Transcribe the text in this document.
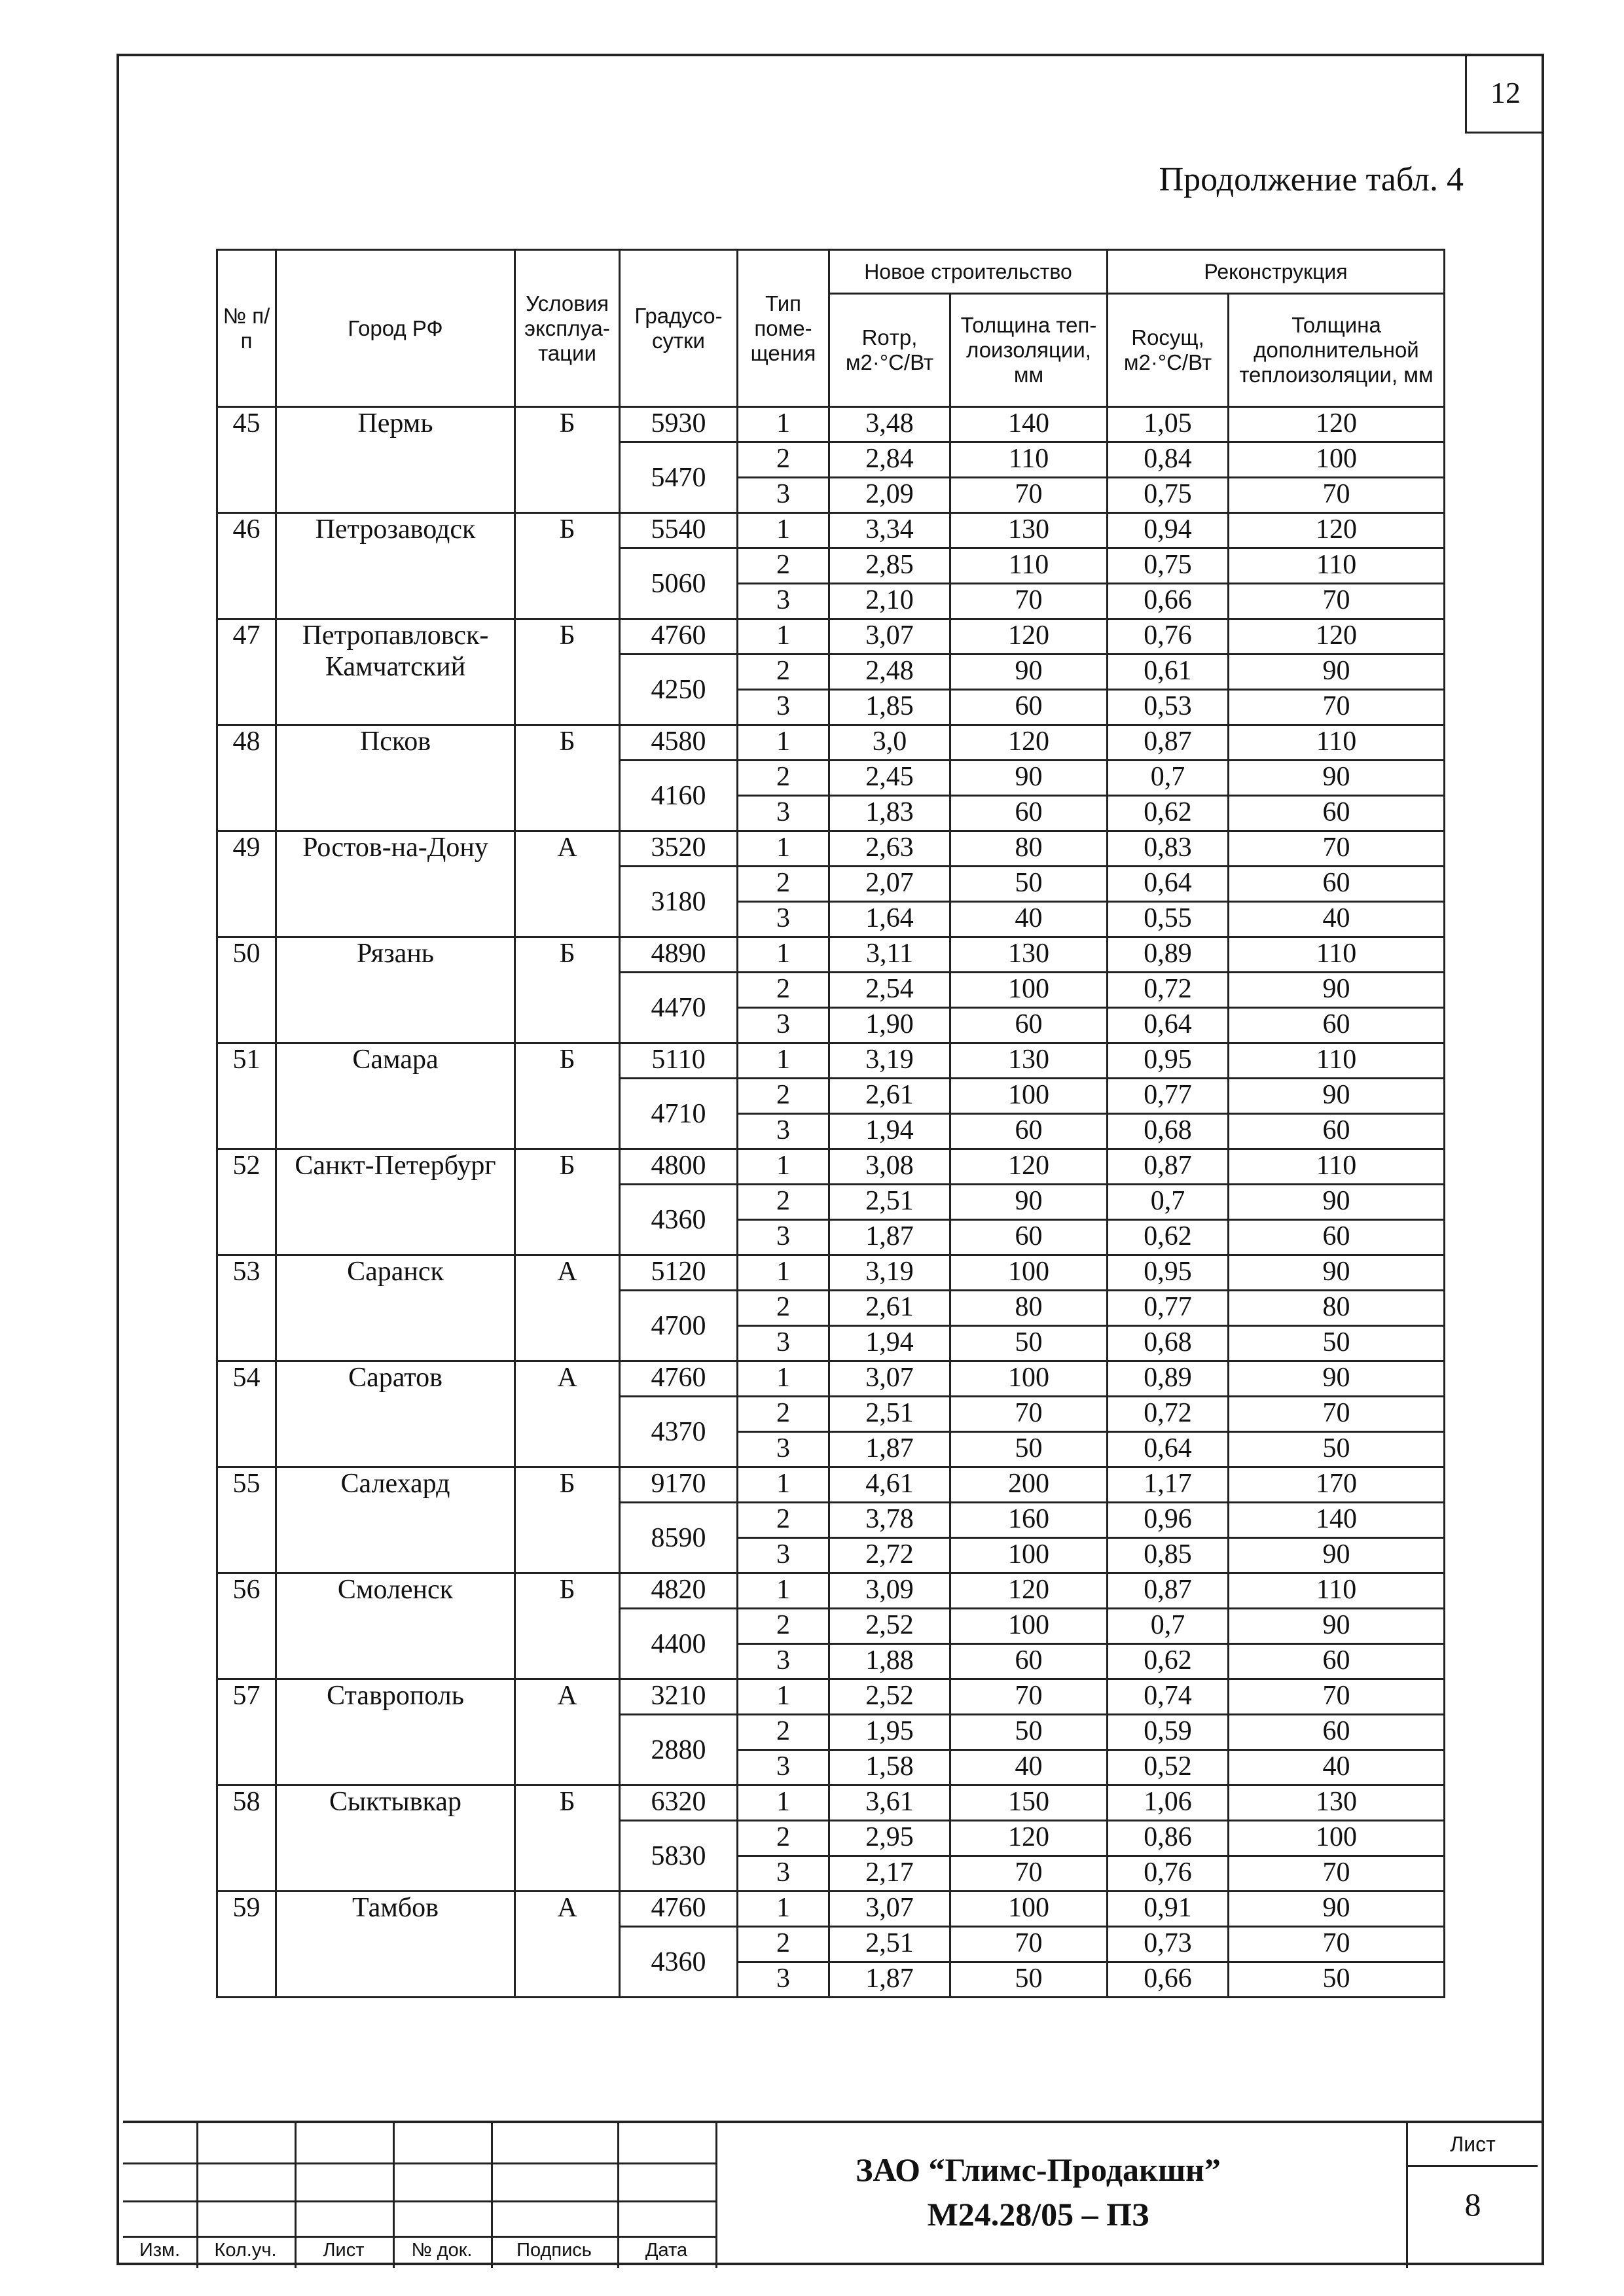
12
Продолжение табл. 4
№ п/п	Город РФ	Условия эксплуа-тации	Градусо-сутки	Тип поме-щения	Новое строительство		Реконструкция	
					Roтр, м2·°С/Вт	Толщина теп-лоизоляции, мм	Roсущ, м2·°С/Вт	Толщина дополнительной теплоизоляции, мм
45	Пермь	Б	5930	1	3,48	140	1,05	120
			5470	2	2,84	110	0,84	100
				3	2,09	70	0,75	70
46	Петрозаводск	Б	5540	1	3,34	130	0,94	120
			5060	2	2,85	110	0,75	110
				3	2,10	70	0,66	70
47	Петропавловск-Камчатский	Б	4760	1	3,07	120	0,76	120
			4250	2	2,48	90	0,61	90
				3	1,85	60	0,53	70
48	Псков	Б	4580	1	3,0	120	0,87	110
			4160	2	2,45	90	0,7	90
				3	1,83	60	0,62	60
49	Ростов-на-Дону	А	3520	1	2,63	80	0,83	70
			3180	2	2,07	50	0,64	60
				3	1,64	40	0,55	40
50	Рязань	Б	4890	1	3,11	130	0,89	110
			4470	2	2,54	100	0,72	90
				3	1,90	60	0,64	60
51	Самара	Б	5110	1	3,19	130	0,95	110
			4710	2	2,61	100	0,77	90
				3	1,94	60	0,68	60
52	Санкт-Петербург	Б	4800	1	3,08	120	0,87	110
			4360	2	2,51	90	0,7	90
				3	1,87	60	0,62	60
53	Саранск	А	5120	1	3,19	100	0,95	90
			4700	2	2,61	80	0,77	80
				3	1,94	50	0,68	50
54	Саратов	А	4760	1	3,07	100	0,89	90
			4370	2	2,51	70	0,72	70
				3	1,87	50	0,64	50
55	Салехард	Б	9170	1	4,61	200	1,17	170
			8590	2	3,78	160	0,96	140
				3	2,72	100	0,85	90
56	Смоленск	Б	4820	1	3,09	120	0,87	110
			4400	2	2,52	100	0,7	90
				3	1,88	60	0,62	60
57	Ставрополь	А	3210	1	2,52	70	0,74	70
			2880	2	1,95	50	0,59	60
				3	1,58	40	0,52	40
58	Сыктывкар	Б	6320	1	3,61	150	1,06	130
			5830	2	2,95	120	0,86	100
				3	2,17	70	0,76	70
59	Тамбов	А	4760	1	3,07	100	0,91	90
			4360	2	2,51	70	0,73	70
				3	1,87	50	0,66	50
Изм.	Кол.уч.	Лист	№ док.	Подпись	Дата
ЗАО “Глимс-Продакшн”
М24.28/05 – ПЗ
Лист
8
